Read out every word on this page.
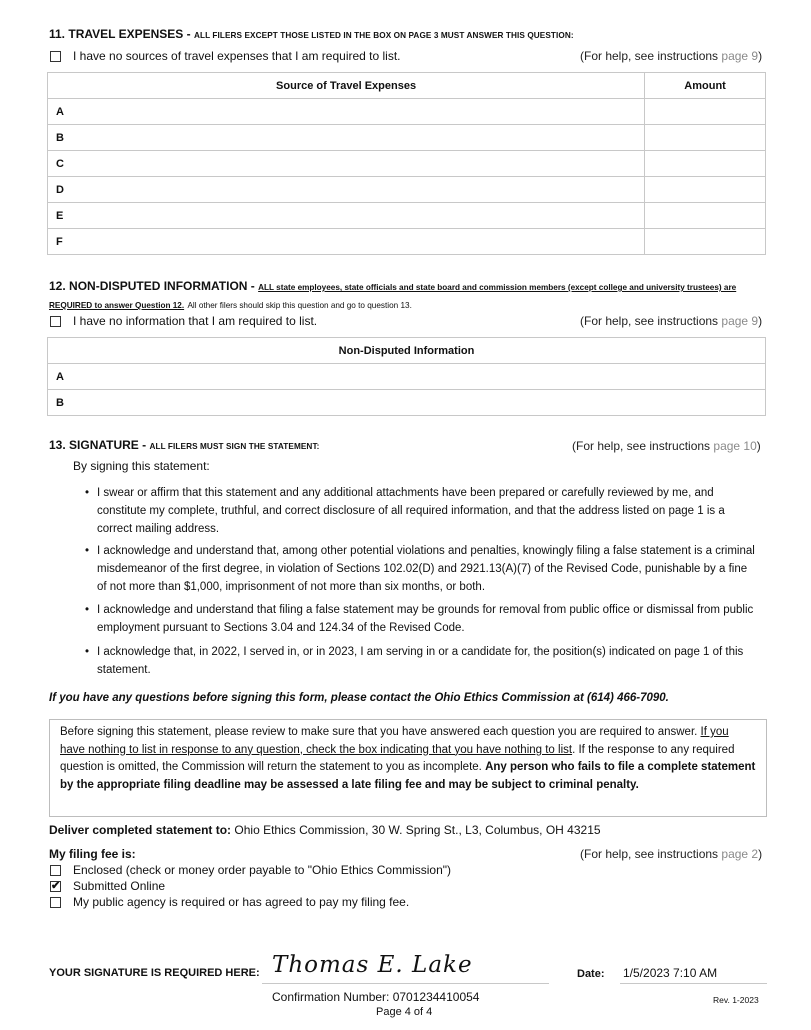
11. TRAVEL EXPENSES - ALL FILERS EXCEPT THOSE LISTED IN THE BOX ON PAGE 3 MUST ANSWER THIS QUESTION:
I have no sources of travel expenses that I am required to list.	(For help, see instructions page 9)
Source of Travel Expenses	Amount
A	
B	
C	
D	
E	
F	
12. NON-DISPUTED INFORMATION - ALL state employees, state officials and state board and commission members (except college and university trustees) are REQUIRED to answer Question 12. All other filers should skip this question and go to question 13.
I have no information that I am required to list.	(For help, see instructions page 9)
Non-Disputed Information
A
B
13. SIGNATURE - ALL FILERS MUST SIGN THE STATEMENT:	(For help, see instructions page 10)
By signing this statement:
• I swear or affirm that this statement and any additional attachments have been prepared or carefully reviewed by me, and constitute my complete, truthful, and correct disclosure of all required information, and that the address listed on page 1 is a correct mailing address.
• I acknowledge and understand that, among other potential violations and penalties, knowingly filing a false statement is a criminal misdemeanor of the first degree, in violation of Sections 102.02(D) and 2921.13(A)(7) of the Revised Code, punishable by a fine of not more than $1,000, imprisonment of not more than six months, or both.
• I acknowledge and understand that filing a false statement may be grounds for removal from public office or dismissal from public employment pursuant to Sections 3.04 and 124.34 of the Revised Code.
• I acknowledge that, in 2022, I served in, or in 2023, I am serving in or a candidate for, the position(s) indicated on page 1 of this statement.
If you have any questions before signing this form, please contact the Ohio Ethics Commission at (614) 466-7090.
Before signing this statement, please review to make sure that you have answered each question you are required to answer. If you have nothing to list in response to any question, check the box indicating that you have nothing to list. If the response to any required question is omitted, the Commission will return the statement to you as incomplete. Any person who fails to file a complete statement by the appropriate filing deadline may be assessed a late filing fee and may be subject to criminal penalty.
Deliver completed statement to: Ohio Ethics Commission, 30 W. Spring St., L3, Columbus, OH 43215
My filing fee is:	(For help, see instructions page 2)
Enclosed (check or money order payable to "Ohio Ethics Commission")
✔ Submitted Online
My public agency is required or has agreed to pay my filing fee.
YOUR SIGNATURE IS REQUIRED HERE: Thomas E. Lake
Confirmation Number: 0701234410054
Date: 1/5/2023 7:10 AM
Rev. 1-2023
Page 4 of 4
